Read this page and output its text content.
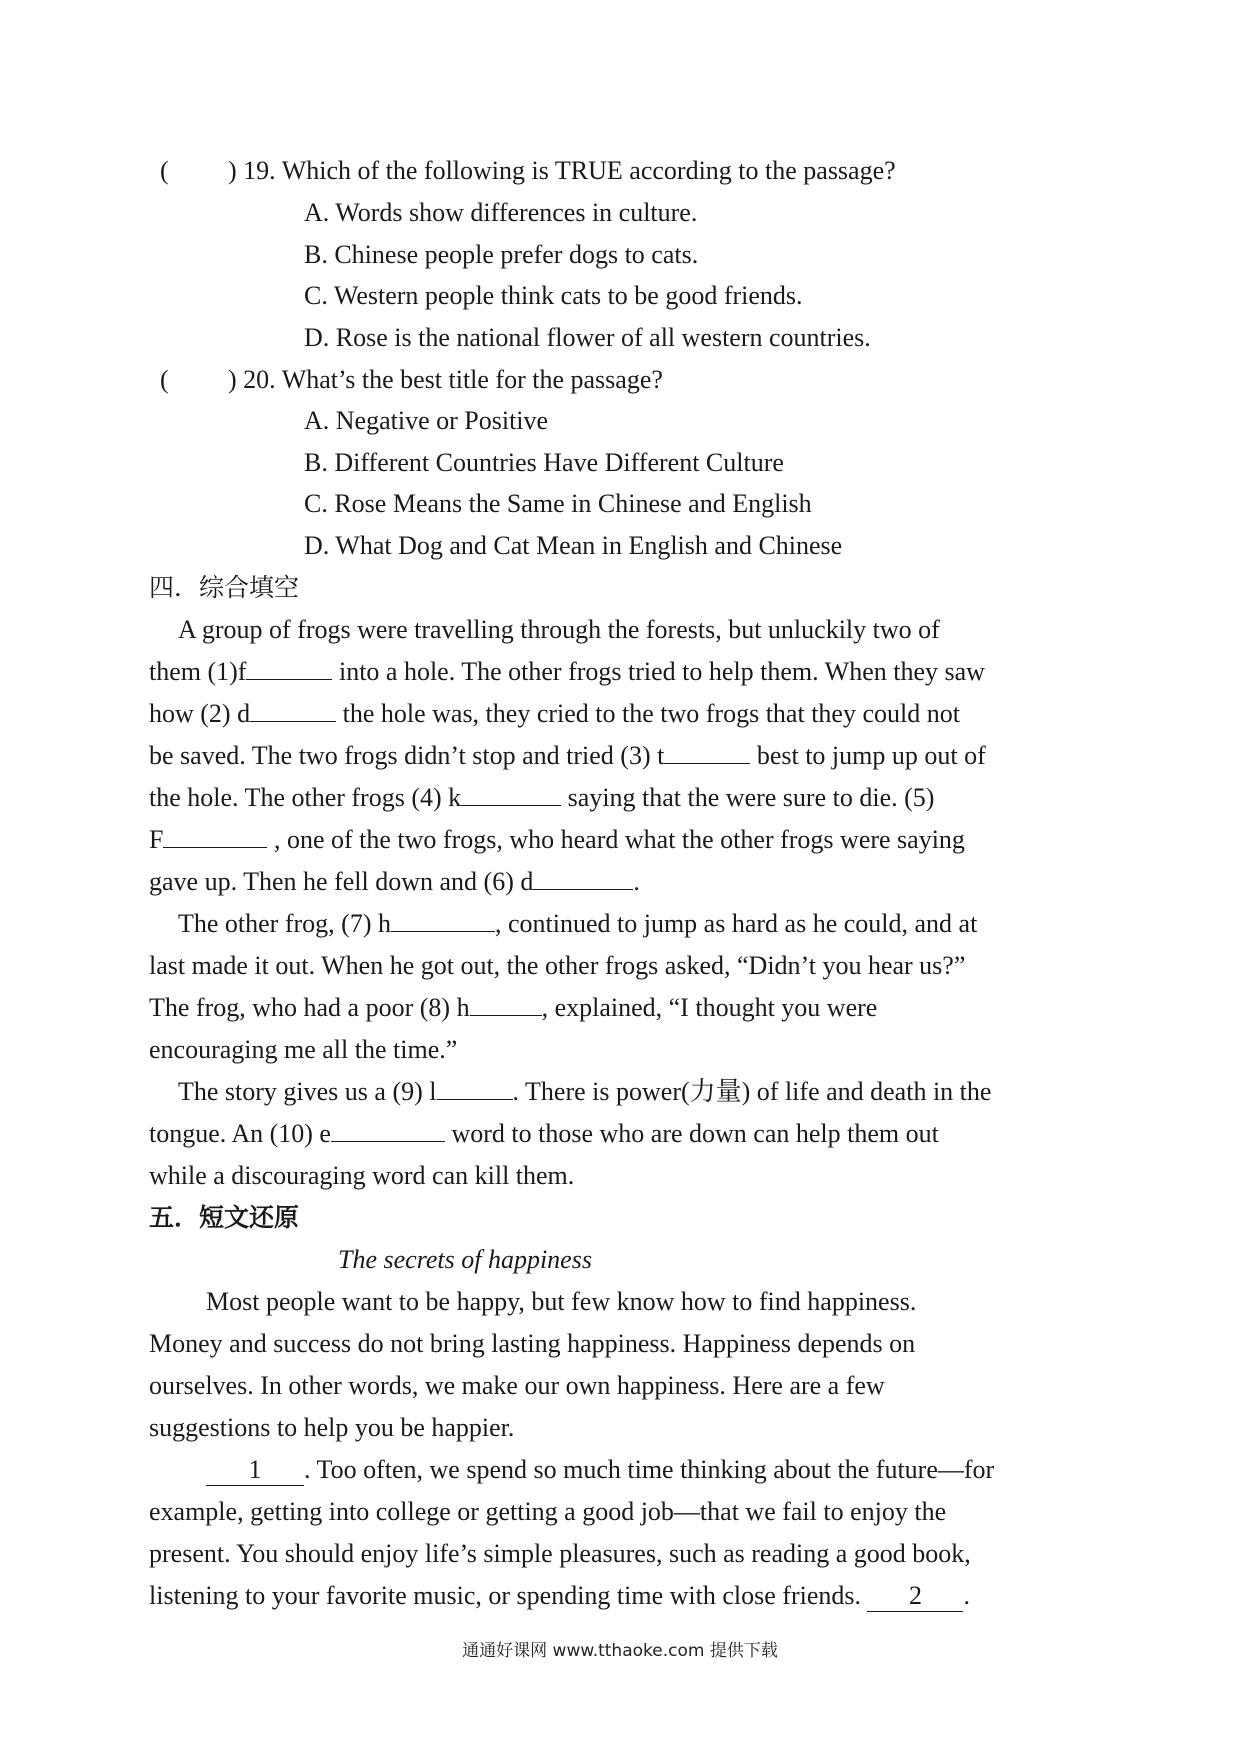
( ) 19. Which of the following is TRUE according to the passage?
A. Words show differences in culture.
B. Chinese people prefer dogs to cats.
C. Western people think cats to be good friends.
D. Rose is the national flower of all western countries.
( ) 20. What’s the best title for the passage?
A. Negative or Positive
B. Different Countries Have Different Culture
C. Rose Means the Same in Chinese and English
D. What Dog and Cat Mean in English and Chinese
四．综合填空
A group of frogs were travelling through the forests, but unluckily two of
them (1)f	into a hole. The other frogs tried to help them. When they saw
how (2) d	the hole was, they cried to the two frogs that they could not
be saved. The two frogs didn’t stop and tried (3) t	best to jump up out of
the hole. The other frogs (4) k	saying that the were sure to die. (5)
F	, one of the two frogs, who heard what the other frogs were saying
gave up. Then he fell down and (6) d	.
The other frog, (7) h	, continued to jump as hard as he could, and at
last made it out. When he got out, the other frogs asked, “Didn’t you hear us?”
The frog, who had a poor (8) h	, explained, “I thought you were
encouraging me all the time.”
The story gives us a (9) l	. There is power(力量) of life and death in the
tongue. An (10) e	word to those who are down can help them out
while a discouraging word can kill them.
五．短文还原
The secrets of happiness
Most people want to be happy, but few know how to find happiness.
Money and success do not bring lasting happiness. Happiness depends on
ourselves. In other words, we make our own happiness. Here are a few
suggestions to help you be happier.
1 . Too often, we spend so much time thinking about the future—for
example, getting into college or getting a good job—that we fail to enjoy the
present. You should enjoy life’s simple pleasures, such as reading a good book,
listening to your favorite music, or spending time with close friends. 2 .
通通好课网 www.tthaoke.com 提供下载
